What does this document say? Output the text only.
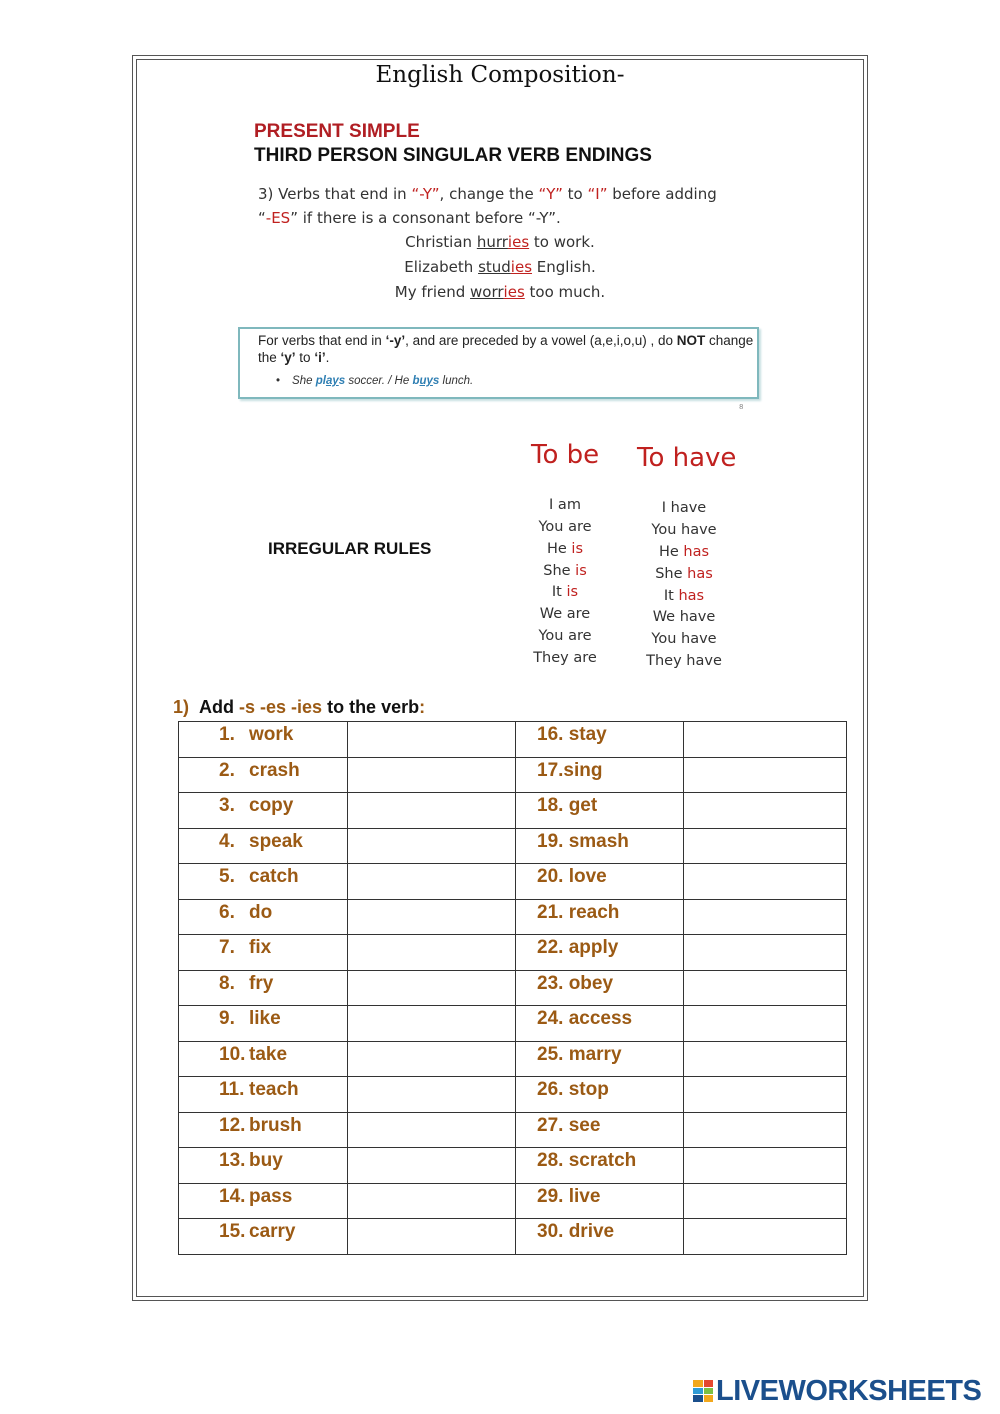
English Composition-
PRESENT SIMPLE
THIRD PERSON SINGULAR VERB ENDINGS
3) Verbs that end in “-Y”, change the “Y” to “I” before adding
“-ES” if there is a consonant before “-Y”.
Christian hurries to work.
Elizabeth studies English.
My friend worries too much.
For verbs that end in ‘-y’, and are preceded by a vowel (a,e,i,o,u) , do NOT change the ‘y’ to ‘i’.
• She plays soccer. / He buys lunch.
8
To be To have
IRREGULAR RULES
I am
You are
He is
She is
It is
We are
You are
They are
I have
You have
He has
She has
It has
We have
You have
They have
1) Add -s -es -ies to the verb:
1. work		16. stay	

2. crash		17.sing	

3. copy		18. get	

4. speak		19. smash	

5. catch		20. love	

6. do		21. reach	

7. fix		22. apply	

8. fry		23. obey	

9. like		24. access	

10. take		25. marry	

11. teach		26. stop	

12. brush		27. see	

13. buy		28. scratch	

14. pass		29. live	

15. carry		30. drive	

LIVEWORKSHEETS
